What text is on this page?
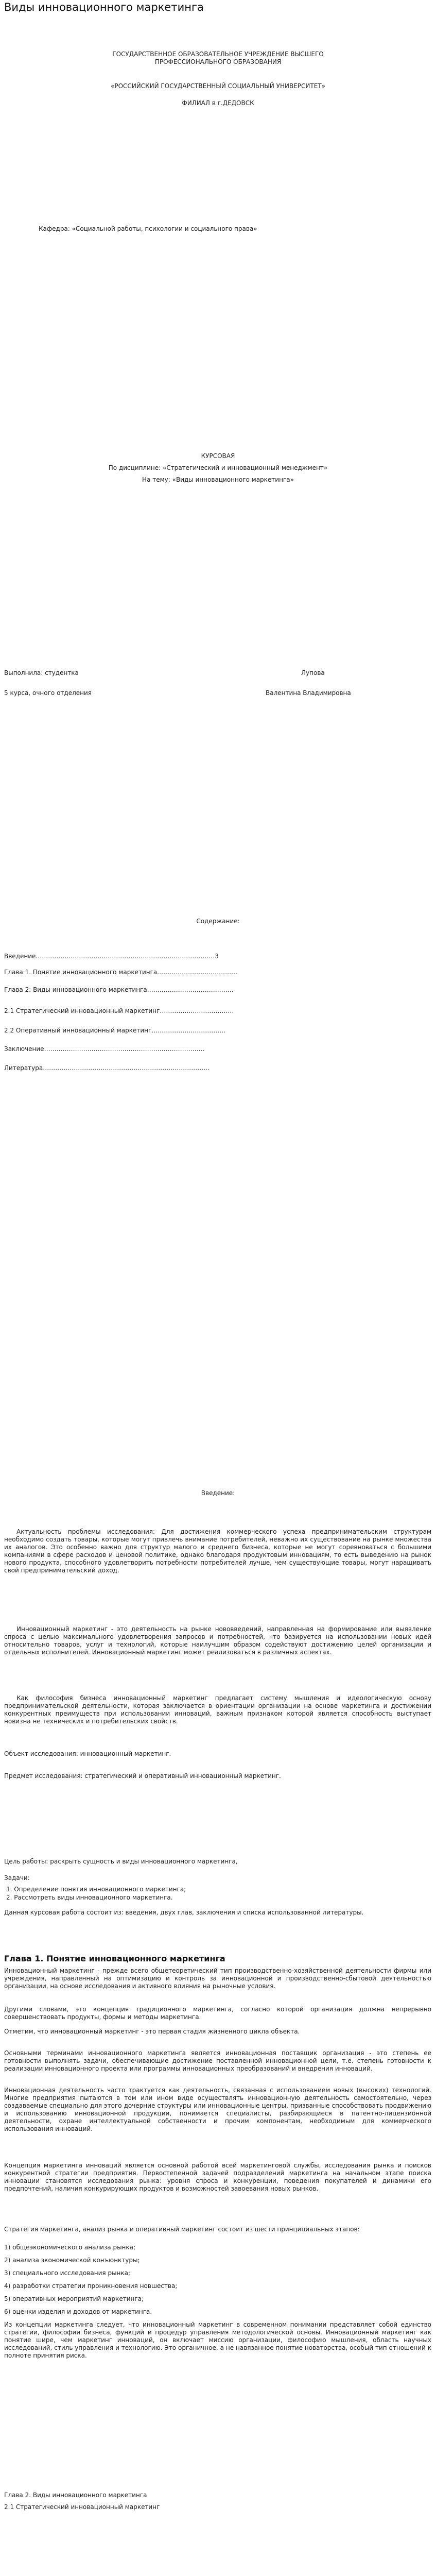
Виды инновационного маркетинга
ГОСУДАРСТВЕННОЕ ОБРАЗОВАТЕЛЬНОЕ УЧРЕЖДЕНИЕ ВЫСШЕГО
ПРОФЕССИОНАЛЬНОГО ОБРАЗОВАНИЯ
«РОССИЙСКИЙ ГОСУДАРСТВЕННЫЙ СОЦИАЛЬНЫЙ УНИВЕРСИТЕТ»
ФИЛИАЛ в г.ДЕДОВСК
Кафедра: «Социальной работы, психологии и социального права»
КУРСОВАЯ
По дисциплине: «Стратегический и инновационный менеджмент»
На тему: «Виды инновационного маркетинга»
Выполнила: студентка	Лупова
5 курса, очного отделения	Валентина Владимировна
Содержание:
Введение……………………………………………………………………………3
Глава 1. Понятие инновационного маркетинга…………………………………
Глава 2: Виды инновационного маркетинга……………………………………
2.1 Стратегический инновационный маркетинг………………………………
2.2 Оперативный инновационный маркетинг………………………………
Заключение……………………………………………………………………
Литература………………………………………………………………………
Введение:

Актуальность проблемы исследования: Для достижения коммерческого успеха предпринимательским структурам необходимо создать товары, которые могут привлечь внимание потребителей, неважно их существование на рынке множества их аналогов. Это особенно важно для структур малого и среднего бизнеса, которые не могут соревноваться с большими компаниями в сфере расходов и ценовой политике, однако благодаря продуктовым инновациям, то есть выведению на рынок нового продукта, способного удовлетворить потребности потребителей лучше, чем существующие товары, могут наращивать свой предпринимательский доход.

Инновационный маркетинг - это деятельность на рынке нововведений, направленная на формирование или выявление спроса с целью максимального удовлетворения запросов и потребностей, что базируется на использовании новых идей относительно товаров, услуг и технологий, которые наилучшим образом содействуют достижению целей организации и отдельных исполнителей. Инновационный маркетинг может реализоваться в различных аспектах.

Как философия бизнеса инновационный маркетинг предлагает систему мышления и идеологическую основу предпринимательской деятельности, которая заключается в ориентации организации на основе маркетинга и достижении конкурентных преимуществ при использовании инноваций, важным признаком которой является способность выступает новизна не технических и потребительских свойств.

Объект исследования: инновационный маркетинг.

Предмет исследования: стратегический и оперативный инновационный маркетинг.

Цель работы: раскрыть сущность и виды инновационного маркетинга,

Задачи:

1. Определение понятия инновационного маркетинга;

2. Рассмотреть виды инновационного маркетинга.

Данная курсовая работа состоит из: введения, двух глав, заключения и списка использованной литературы.

Глава 1. Понятие инновационного маркетинга

Инновационный маркетинг - прежде всего общетеоретический тип производственно-хозяйственной деятельности фирмы или учреждения, направленный на оптимизацию и контроль за инновационной и производственно-сбытовой деятельностью организации, на основе исследования и активного влияния на рыночные условия.

Другими словами, это концепция традиционного маркетинга, согласно которой организация должна непрерывно совершенствовать продукты, формы и методы маркетинга.

Отметим, что инновационный маркетинг - это первая стадия жизненного цикла объекта.

Основными терминами инновационного маркетинга является инновационная поставщик организация - это степень ее готовности выполнять задачи, обеспечивающие достижение поставленной инновационной цели, т.е. степень готовности к реализации инновационного проекта или программы инновационных преобразований и внедрения инноваций.

Инновационная деятельность часто трактуется как деятельность, связанная с использованием новых (высоких) технологий. Многие предприятия пытаются в том или ином виде осуществлять инновационную деятельность самостоятельно, через создаваемые специально для этого дочерние структуры или инновационные центры, призванные способствовать продвижению и использованию инновационной продукции, понимается специалисты, разбирающиеся в патентно-лицензионной деятельности, охране интеллектуальной собственности и прочим компонентам, необходимым для коммерческого использования инноваций.

Концепция маркетинга инноваций является основной работой всей маркетинговой службы, исследования рынка и поисков конкурентной стратегии предприятия. Первостепенной задачей подразделений маркетинга на начальном этапе поиска инновации становятся исследования рынка: уровня спроса и конкуренции, поведения покупателей и динамики его предпочтений, наличия конкурирующих продуктов и возможностей завоевания новых рынков.

Стратегия маркетинга, анализ рынка и оперативный маркетинг состоит из шести принципиальных этапов:

1) общеэкономического анализа рынка;

2) анализа экономической конъюнктуры;

3) специального исследования рынка;

4) разработки стратегии проникновения новшества;

5) оперативных мероприятий маркетинга;

6) оценки изделия и доходов от маркетинга.

Из концепции маркетинга следует, что инновационный маркетинг в современном понимании представляет собой единство стратегии, философии бизнеса, функций и процедур управления методологической основы. Инновационный маркетинг как понятие шире, чем маркетинг инноваций, он включает миссию организации, философию мышления, область научных исследований, стиль управления и технологию. Это органичное, а не навязанное понятие новаторства, особый тип отношений к полноте принятия риска.

Глава 2. Виды инновационного маркетинга

2.1 Стратегический инновационный маркетинг
